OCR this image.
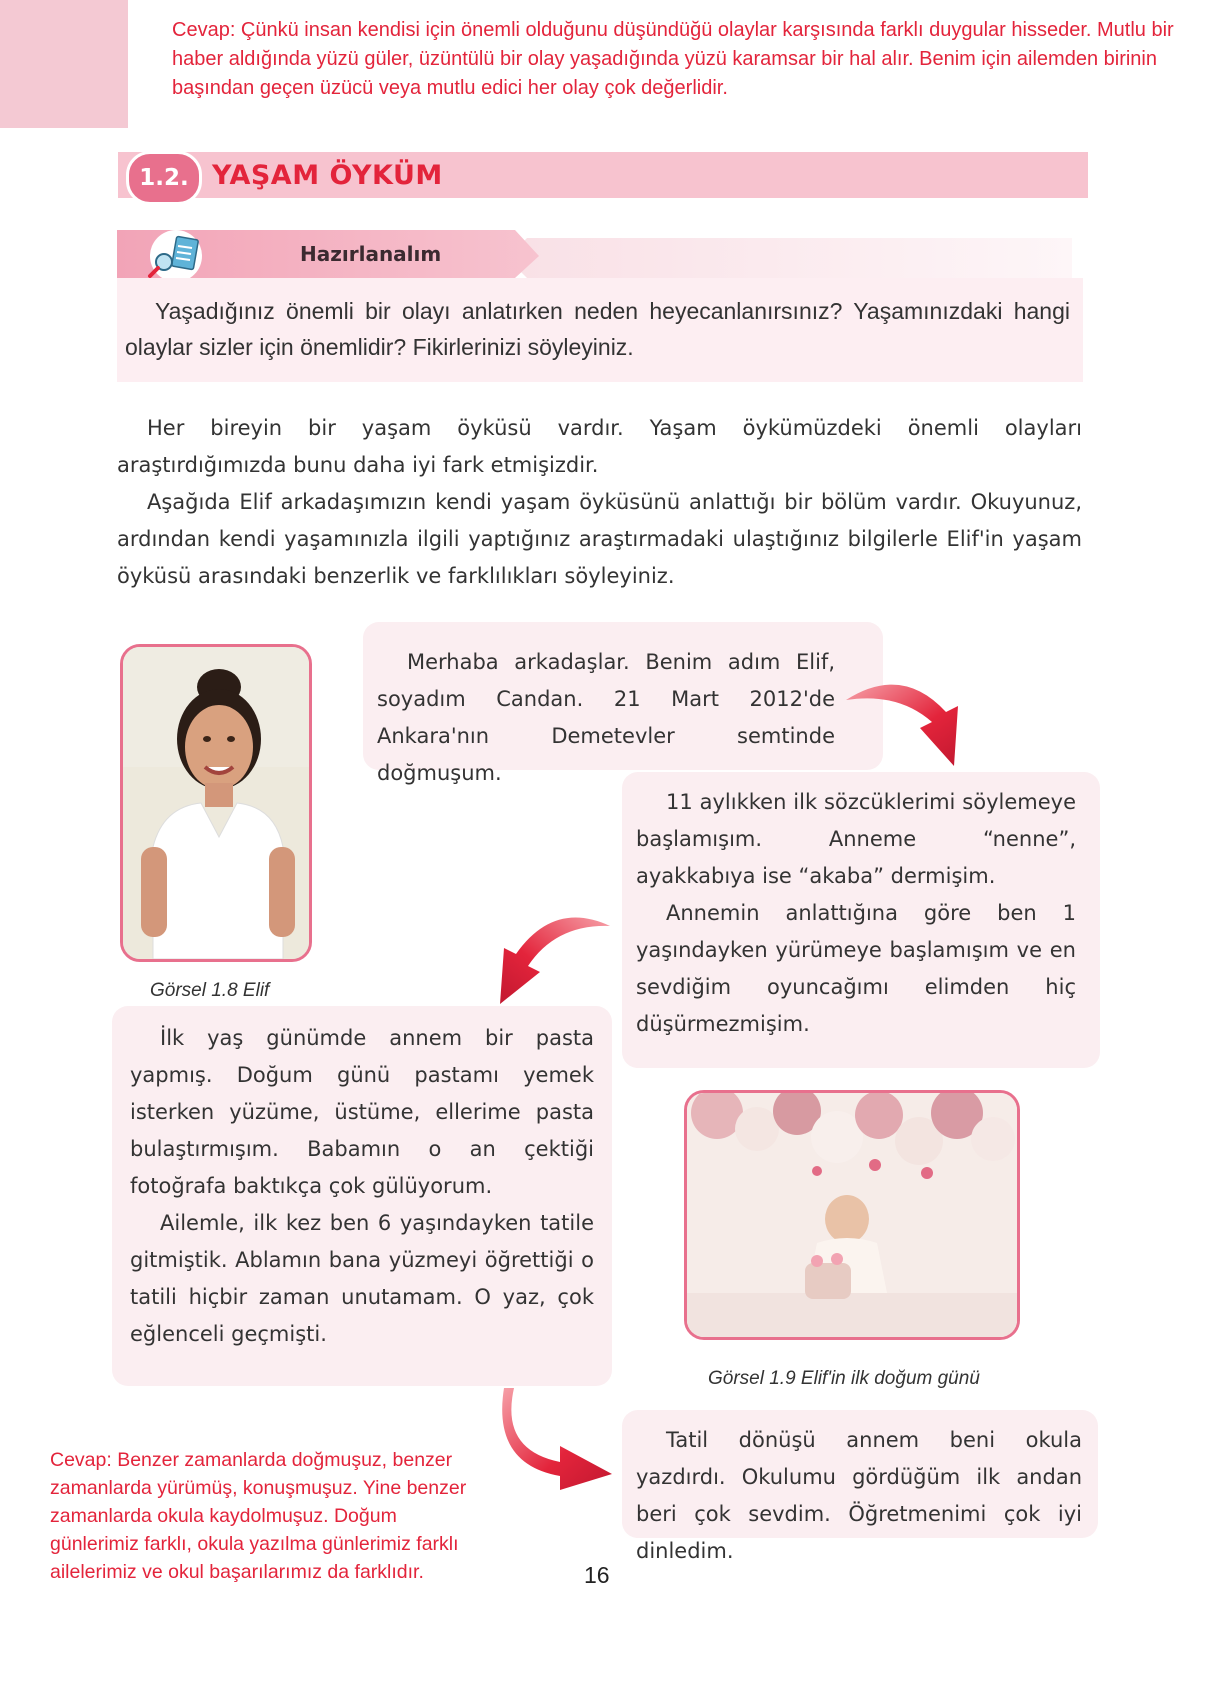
Cevap: Çünkü insan kendisi için önemli olduğunu düşündüğü olaylar karşısında farklı duygular hisseder. Mutlu bir haber aldığında yüzü güler, üzüntülü bir olay yaşadığında yüzü karamsar bir hal alır. Benim için ailemden birinin başından geçen üzücü veya mutlu edici her olay çok değerlidir.
1.2. YAŞAM ÖYKÜM
Hazırlanalım
Yaşadığınız önemli bir olayı anlatırken neden heyecanlanırsınız? Yaşamınızdaki hangi olaylar sizler için önemlidir? Fikirlerinizi söyleyiniz.

Her bireyin bir yaşam öyküsü vardır. Yaşam öykümüzdeki önemli olayları araştırdığımızda bunu daha iyi fark etmişizdir.

Aşağıda Elif arkadaşımızın kendi yaşam öyküsünü anlattığı bir bölüm vardır. Okuyunuz, ardından kendi yaşamınızla ilgili yaptığınız araştırmadaki ulaştığınız bilgilerle Elif'in yaşam öyküsü arasındaki benzerlik ve farklılıkları söyleyiniz.

Görsel 1.8 Elif

Merhaba arkadaşlar. Benim adım Elif, soyadım Candan. 21 Mart 2012'de Ankara'nın Demetevler semtinde doğmuşum.

11 aylıkken ilk sözcüklerimi söylemeye başlamışım. Anneme “nenne”, ayakkabıya ise “akaba” dermişim.

Annemin anlattığına göre ben 1 yaşındayken yürümeye başlamışım ve en sevdiğim oyuncağımı elimden hiç düşürmezmişim.

İlk yaş günümde annem bir pasta yapmış. Doğum günü pastamı yemek isterken yüzüme, üstüme, ellerime pasta bulaştırmışım. Babamın o an çektiği fotoğrafa baktıkça çok gülüyorum.

Ailemle, ilk kez ben 6 yaşındayken tatile gitmiştik. Ablamın bana yüzmeyi öğrettiği o tatili hiçbir zaman unutamam. O yaz, çok eğlenceli geçmişti.

Görsel 1.9 Elif'in ilk doğum günü

Tatil dönüşü annem beni okula yazdırdı. Okulumu gördüğüm ilk andan beri çok sevdim. Öğretmenimi çok iyi dinledim.

Cevap: Benzer zamanlarda doğmuşuz, benzer zamanlarda yürümüş, konuşmuşuz. Yine benzer zamanlarda okula kaydolmuşuz. Doğum günlerimiz farklı, okula yazılma günlerimiz farklı ailelerimiz ve okul başarılarımız da farklıdır.	16
